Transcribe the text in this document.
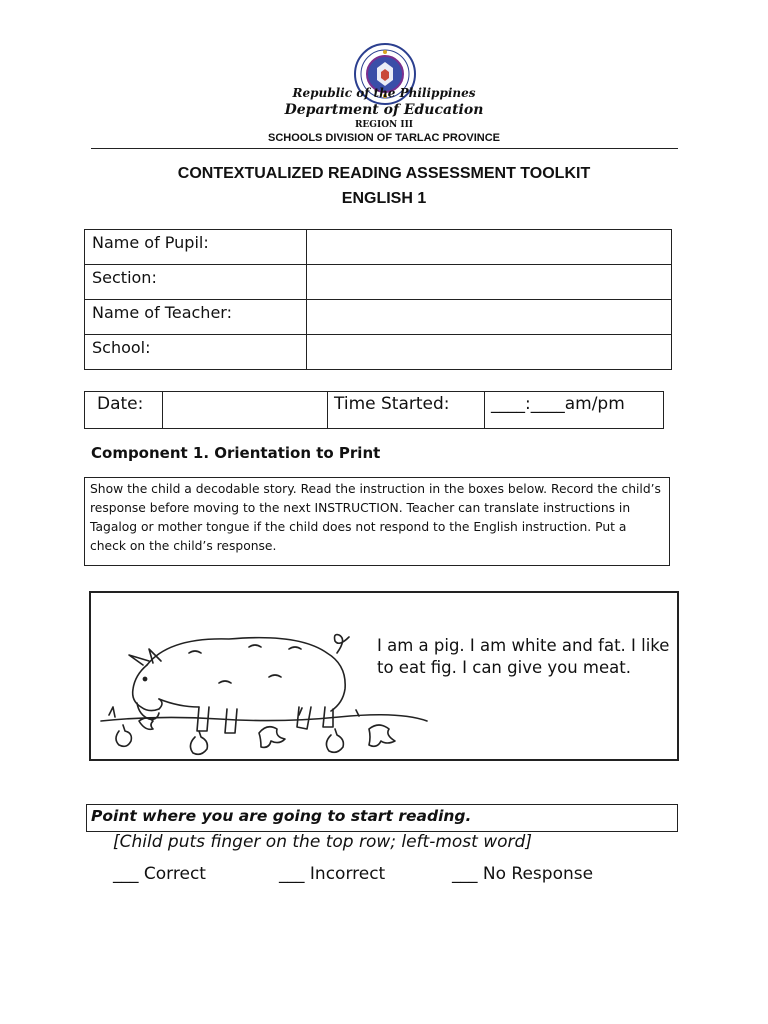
Republic of the Philippines
Department of Education
REGION III
SCHOOLS DIVISION OF TARLAC PROVINCE
CONTEXTUALIZED READING ASSESSMENT TOOLKIT
ENGLISH 1
Name of Pupil:	
Section:	
Name of Teacher:	
School:	
Date:		Time Started:	____:____am/pm
Component 1. Orientation to Print
Show the child a decodable story. Read the instruction in the boxes below. Record the child’s response before moving to the next INSTRUCTION. Teacher can translate instructions in Tagalog or mother tongue if the child does not respond to the English instruction. Put a check on the child’s response.
I am a pig. I am white and fat. I like to eat fig. I can give you meat.
Point where you are going to start reading.
[Child puts finger on the top row; left-most word]
___ Correct	___ Incorrect	___ No Response
